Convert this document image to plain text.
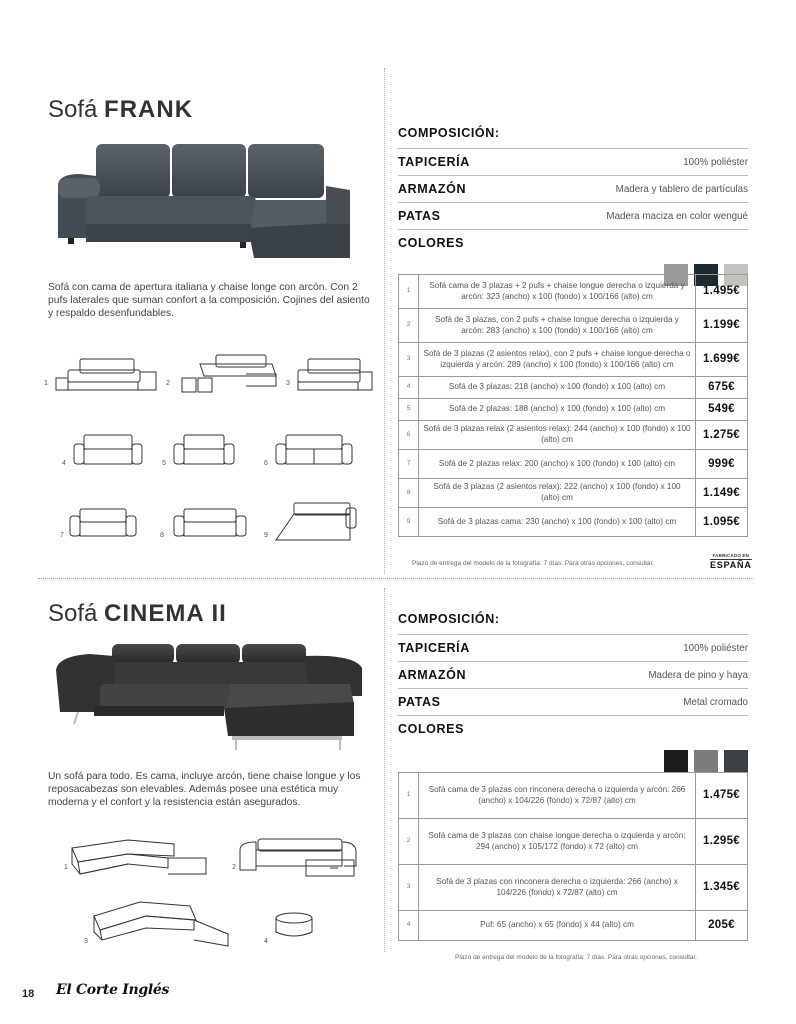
Sofá FRANK

Sofá con cama de apertura italiana y chaise longe con arcón. Con 2 pufs laterales que suman confort a la composición. Cojines del asiento y respaldo desenfundables.

1	2	3
4	5	6
7	8	9
COMPOSICIÓN:
TAPICERÍA	100% poliéster
ARMAZÓN	Madera y tablero de partículas
PATAS	Madera maciza en color wengué
COLORES
1	Sofá cama de 3 plazas + 2 pufs + chaise longue derecha o izquierda y arcón: 323 (ancho) x 100 (fondo) x 100/166 (alto) cm	1.495€
2	Sofá de 3 plazas, con 2 pufs + chaise longue derecha o izquierda y arcón: 283 (ancho) x 100 (fondo) x 100/166 (alto) cm	1.199€
3	Sofá de 3 plazas (2 asientos relax), con 2 pufs + chaise longue derecha o izquierda y arcón: 289 (ancho) x 100 (fondo) x 100/166 (alto) cm	1.699€
4	Sofá de 3 plazas: 218 (ancho) x 100 (fondo) x 100 (alto) cm	675€
5	Sofá de 2 plazas: 188 (ancho) x 100 (fondo) x 100 (alto) cm	549€
6	Sofá de 3 plazas relax (2 asientos relax): 244 (ancho) x 100 (fondo) x 100 (alto) cm	1.275€
7	Sofá de 2 plazas relax: 200 (ancho) x 100 (fondo) x 100 (alto) cm	999€
8	Sofá de 3 plazas (2 asientos relax): 222 (ancho) x 100 (fondo) x 100 (alto) cm	1.149€
9	Sofá de 3 plazas cama: 230 (ancho) x 100 (fondo) x 100 (alto) cm	1.095€
Plazo de entrega del modelo de la fotografía: 7 días. Para otras opciones, consultar.
FABRICADO EN
ESPAÑA
Sofá CINEMA II

Un sofá para todo. Es cama, incluye arcón, tiene chaise longue y los reposacabezas son elevables. Además posee una estética muy moderna y el confort y la resistencia están asegurados.

1	2
3	4
COMPOSICIÓN:
TAPICERÍA	100% poliéster
ARMAZÓN	Madera de pino y haya
PATAS	Metal cromado
COLORES
1	Sofá cama de 3 plazas con rinconera derecha o izquierda y arcón: 266 (ancho) x 104/226 (fondo) x 72/87 (alto) cm	1.475€
2	Sofá cama de 3 plazas con chaise longue derecha o izquierda y arcón: 294 (ancho) x 105/172 (fondo) x 72 (alto) cm	1.295€
3	Sofá de 3 plazas con rinconera derecha o izquierda: 266 (ancho) x 104/226 (fondo) x 72/87 (alto) cm	1.345€
4	Puf: 65 (ancho) x 65 (fondo) x 44 (alto) cm	205€
Plazo de entrega del modelo de la fotografía: 7 días. Para otras opciones, consultar.
18 El Corte Inglés
